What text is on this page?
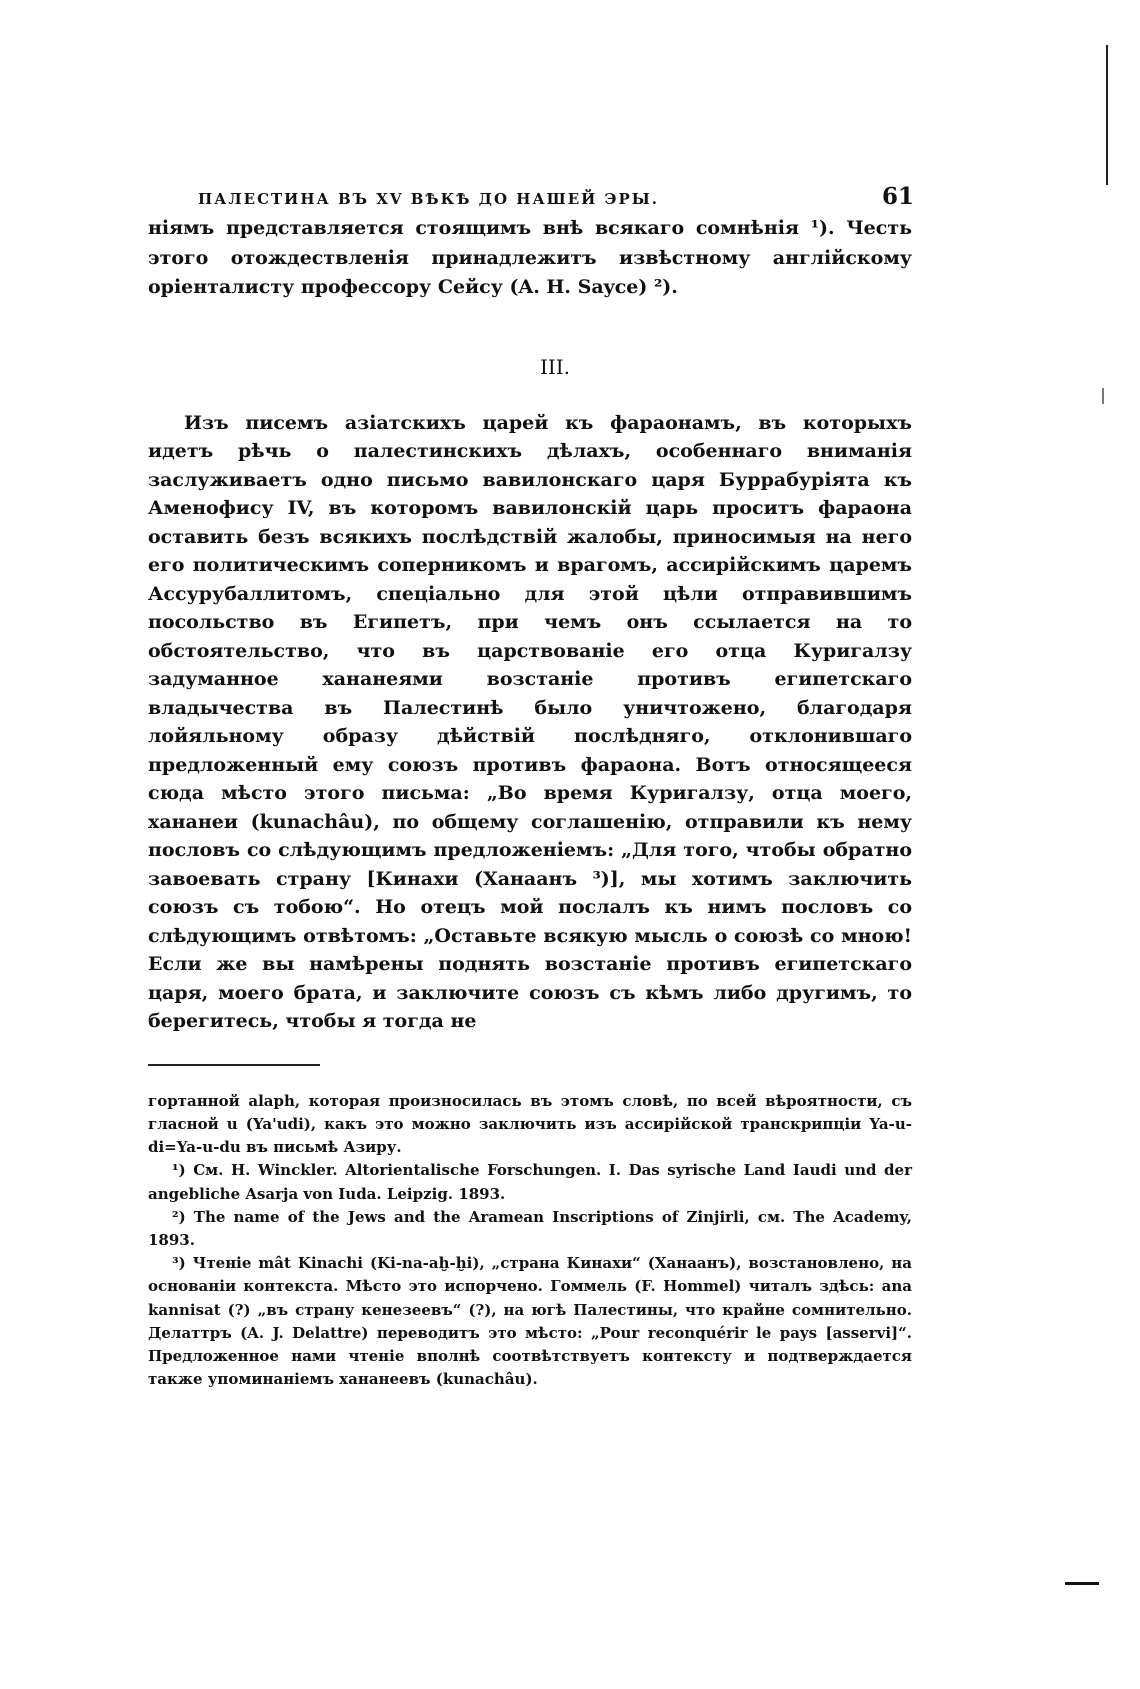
ПАЛЕСТИНА ВЪ XV ВѢКѢ ДО НАШЕЙ ЭРЫ.	61

ніямъ представляется стоящимъ внѣ всякаго сомнѣнія ¹). Честь этого отождествленія принадлежитъ извѣстному англійскому оріенталисту профессору Сейсу (A. H. Sayce) ²).

III.

Изъ писемъ азіатскихъ царей къ фараонамъ, въ которыхъ идетъ рѣчь о палестинскихъ дѣлахъ, особеннаго вниманія заслуживаетъ одно письмо вавилонскаго царя Буррабуріята къ Аменофису IV, въ которомъ вавилонскій царь проситъ фараона оставить безъ всякихъ послѣдствій жалобы, приносимыя на него его политическимъ соперникомъ и врагомъ, ассирійскимъ царемъ Ассурубаллитомъ, спеціально для этой цѣли отправившимъ посольство въ Египетъ, при чемъ онъ ссылается на то обстоятельство, что въ царствованіе его отца Куригалзу задуманное хананеями возстаніе противъ египетскаго владычества въ Палестинѣ было уничтожено, благодаря лойяльному образу дѣйствій послѣдняго, отклонившаго предложенный ему союзъ противъ фараона. Вотъ относящееся сюда мѣсто этого письма: „Во время Куригалзу, отца моего, хананеи (kunachâu), по общему соглашенію, отправили къ нему пословъ со слѣдующимъ предложеніемъ: „Для того, чтобы обратно завоевать страну [Кинахи (Ханаанъ ³)], мы хотимъ заключить союзъ съ тобою“. Но отецъ мой послалъ къ нимъ пословъ со слѣдующимъ отвѣтомъ: „Оставьте всякую мысль о союзѣ со мною! Если же вы намѣрены поднять возстаніе противъ египетскаго царя, моего брата, и заключите союзъ съ кѣмъ либо другимъ, то берегитесь, чтобы я тогда не

гортанной alaph, которая произносилась въ этомъ словѣ, по всей вѣроятности, съ гласной u (Ya'udi), какъ это можно заключить изъ ассирійской транскрипціи Ya-u-di=Ya-u-du въ письмѣ Азиру.

¹) См. H. Winckler. Altorientalische Forschungen. I. Das syrische Land Iaudi und der angebliche Asarja von Iuda. Leipzig. 1893.

²) The name of the Jews and the Aramean Inscriptions of Zinjirli, см. The Academy, 1893.

³) Чтеніе mât Kinachi (Ki-na-aḫ-ḫi), „страна Кинахи“ (Ханаанъ), возстановлено, на основаніи контекста. Мѣсто это испорчено. Гоммель (F. Hommel) читалъ здѣсь: ana kannisat (?) „въ страну кенезеевъ“ (?), на югѣ Палестины, что крайне сомнительно. Делаттръ (A. J. Delattre) переводитъ это мѣсто: „Pour reconquérir le pays [asservi]“. Предложенное нами чтеніе вполнѣ соотвѣтствуетъ контексту и подтверждается также упоминаніемъ хананеевъ (kunachâu).
